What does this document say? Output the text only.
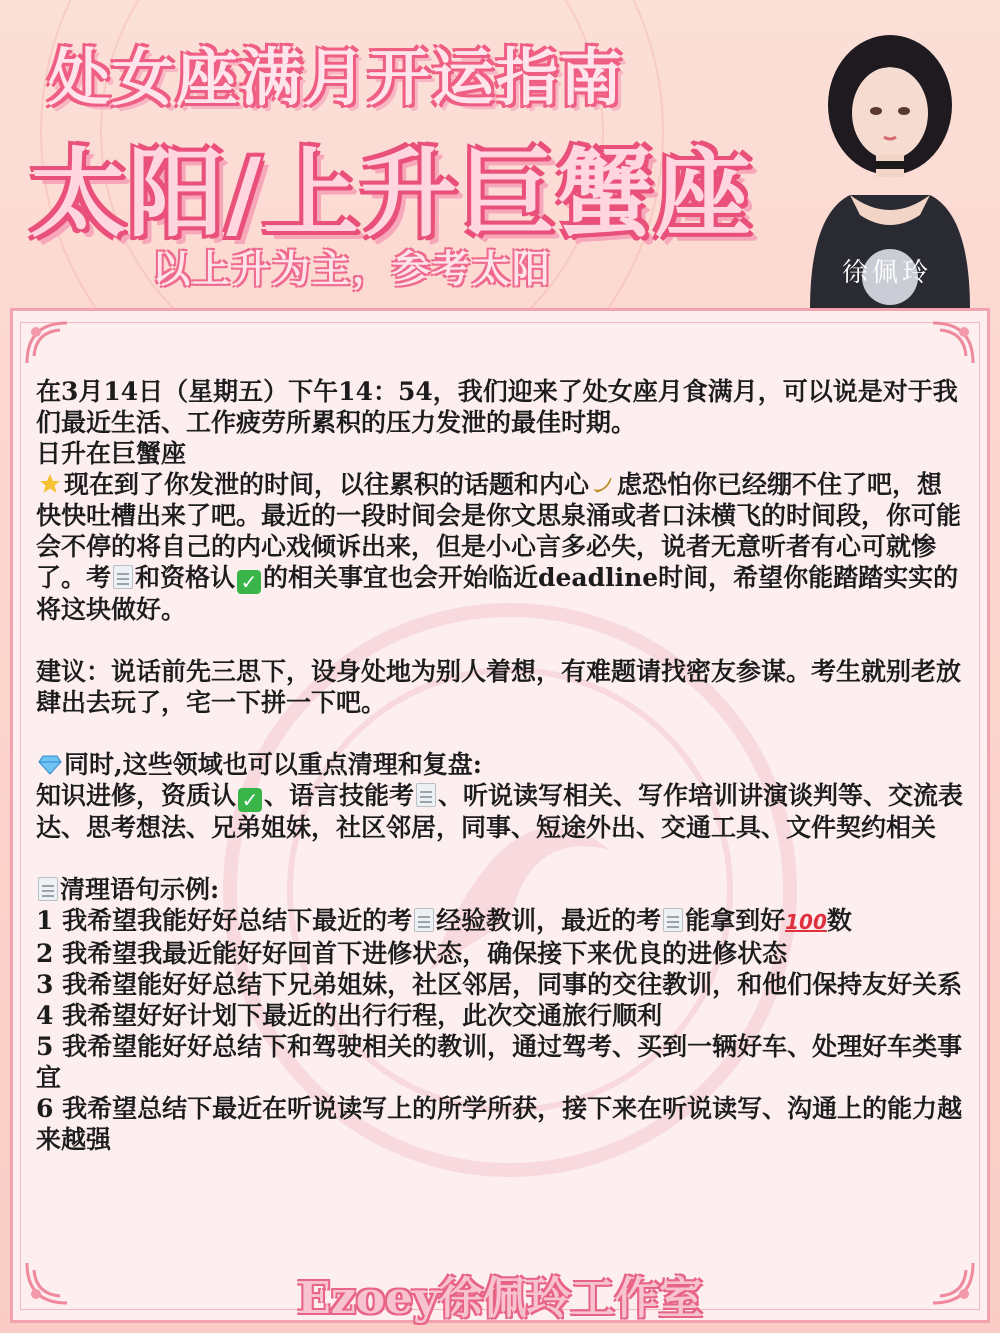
处女座满月开运指南
太阳/上升巨蟹座
以上升为主，参考太阳	徐佩玲

在3月14日（星期五）下午14：54，我们迎来了处女座月食满月，可以说是对于我们最近生活、工作疲劳所累积的压力发泄的最佳时期。

日升在巨蟹座

现在到了你发泄的时间，以往累积的话题和内心 虑恐怕你已经绷不住了吧，想快快吐槽出来了吧。最近的一段时间会是你文思泉涌或者口沫横飞的时间段，你可能会不停的将自己的内心戏倾诉出来，但是小心言多必失，说者无意听者有心可就惨了。考 和资格认 ✓ 的相关事宜也会开始临近deadline时间，希望你能踏踏实实的将这块做好。

建议：说话前先三思下，设身处地为别人着想，有难题请找密友参谋。考生就别老放肆出去玩了，宅一下拼一下吧。

同时,这些领域也可以重点清理和复盘:

知识进修，资质认 ✓ 、语言技能考 、听说读写相关、写作培训讲演谈判等、交流表达、思考想法、兄弟姐妹，社区邻居，同事、短途外出、交通工具、文件契约相关

清理语句示例:

1 我希望我能好好总结下最近的考 经验教训，最近的考 能拿到好100数

2 我希望我最近能好好回首下进修状态，确保接下来优良的进修状态

3 我希望能好好总结下兄弟姐妹，社区邻居，同事的交往教训，和他们保持友好关系

4 我希望好好计划下最近的出行行程，此次交通旅行顺利

5 我希望能好好总结下和驾驶相关的教训，通过驾考、买到一辆好车、处理好车类事宜

6 我希望总结下最近在听说读写上的所学所获，接下来在听说读写、沟通上的能力越来越强

Ezoey徐佩玲工作室
